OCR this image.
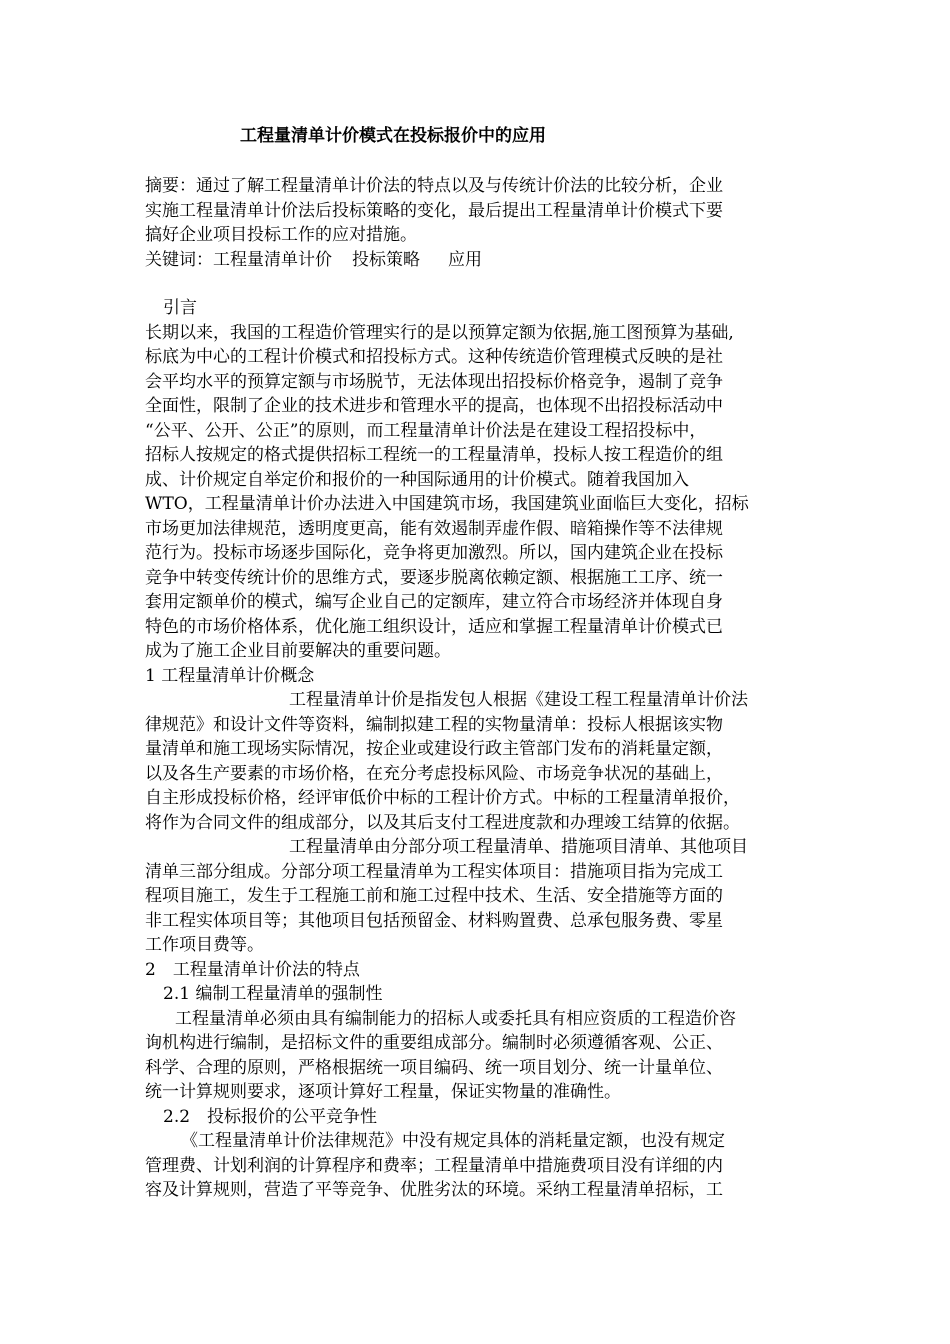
工程量清单计价模式在投标报价中的应用
摘要：通过了解工程量清单计价法的特点以及与传统计价法的比较分析，企业
实施工程量清单计价法后投标策略的变化，最后提出工程量清单计价模式下要
搞好企业项目投标工作的应对措施。
关键词：工程量清单计价 投标策略 应用
引言
长期以来，我国的工程造价管理实行的是以预算定额为依据,施工图预算为基础,
标底为中心的工程计价模式和招投标方式。这种传统造价管理模式反映的是社
会平均水平的预算定额与市场脱节，无法体现出招投标价格竞争，遏制了竞争
全面性，限制了企业的技术进步和管理水平的提高，也体现不出招投标活动中
“公平、公开、公正”的原则，而工程量清单计价法是在建设工程招投标中，
招标人按规定的格式提供招标工程统一的工程量清单，投标人按工程造价的组
成、计价规定自举定价和报价的一种国际通用的计价模式。随着我国加入
WTO，工程量清单计价办法进入中国建筑市场，我国建筑业面临巨大变化，招标
市场更加法律规范，透明度更高，能有效遏制弄虚作假、暗箱操作等不法律规
范行为。投标市场逐步国际化，竞争将更加激烈。所以，国内建筑企业在投标
竞争中转变传统计价的思维方式，要逐步脱离依赖定额、根据施工工序、统一
套用定额单价的模式，编写企业自己的定额库，建立符合市场经济并体现自身
特色的市场价格体系，优化施工组织设计，适应和掌握工程量清单计价模式已
成为了施工企业目前要解决的重要问题。
1 工程量清单计价概念
工程量清单计价是指发包人根据《建设工程工程量清单计价法
律规范》和设计文件等资料，编制拟建工程的实物量清单：投标人根据该实物
量清单和施工现场实际情况，按企业或建设行政主管部门发布的消耗量定额，
以及各生产要素的市场价格，在充分考虑投标风险、市场竞争状况的基础上，
自主形成投标价格，经评审低价中标的工程计价方式。中标的工程量清单报价，
将作为合同文件的组成部分，以及其后支付工程进度款和办理竣工结算的依据。
工程量清单由分部分项工程量清单、措施项目清单、其他项目
清单三部分组成。分部分项工程量清单为工程实体项目：措施项目指为完成工
程项目施工，发生于工程施工前和施工过程中技术、生活、安全措施等方面的
非工程实体项目等；其他项目包括预留金、材料购置费、总承包服务费、零星
工作项目费等。
2　工程量清单计价法的特点
2.1 编制工程量清单的强制性
工程量清单必须由具有编制能力的招标人或委托具有相应资质的工程造价咨
询机构进行编制，是招标文件的重要组成部分。编制时必须遵循客观、公正、
科学、合理的原则，严格根据统一项目编码、统一项目划分、统一计量单位、
统一计算规则要求，逐项计算好工程量，保证实物量的准确性。
2.2　投标报价的公平竞争性
《工程量清单计价法律规范》中没有规定具体的消耗量定额，也没有规定
管理费、计划利润的计算程序和费率；工程量清单中措施费项目没有详细的内
容及计算规则，营造了平等竞争、优胜劣汰的环境。采纳工程量清单招标，工
